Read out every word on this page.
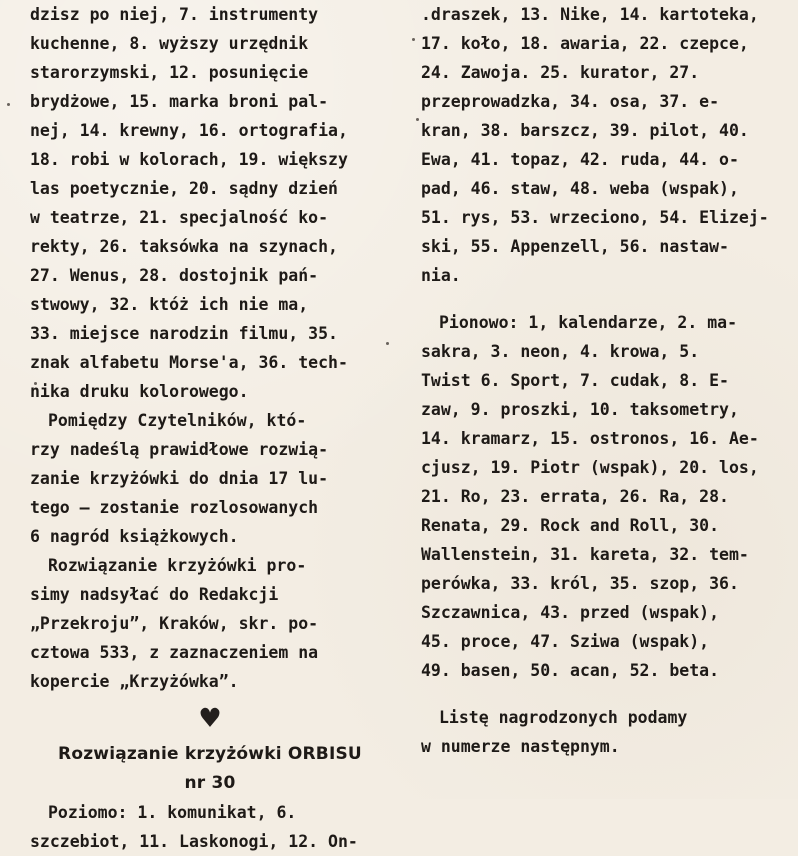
dzisz po niej, 7. instrumenty
kuchenne, 8. wyższy urzędnik
starorzymski, 12. posunięcie
brydżowe, 15. marka broni pal-
nej, 14. krewny, 16. ortografia,
18. robi w kolorach, 19. większy
las poetycznie, 20. sądny dzień
w teatrze, 21. specjalność ko-
rekty, 26. taksówka na szynach,
27. Wenus, 28. dostojnik pań-
stwowy, 32. któż ich nie ma,
33. miejsce narodzin filmu, 35.
znak alfabetu Morse'a, 36. tech-
nika druku kolorowego.
Pomiędzy Czytelników, któ-
rzy nadeślą prawidłowe rozwią-
zanie krzyżówki do dnia 17 lu-
tego — zostanie rozlosowanych
6 nagród książkowych.
Rozwiązanie krzyżówki pro-
simy nadsyłać do Redakcji
„Przekroju”, Kraków, skr. po-
cztowa 533, z zaznaczeniem na
kopercie „Krzyżówka”.
♥
Rozwiązanie krzyżówki ORBISU
nr 30
Poziomo: 1. komunikat, 6.
szczebiot, 11. Laskonogi, 12. On-
.draszek, 13. Nike, 14. kartoteka,
17. koło, 18. awaria, 22. czepce,
24. Zawoja. 25. kurator, 27.
przeprowadzka, 34. osa, 37. e-
kran, 38. barszcz, 39. pilot, 40.
Ewa, 41. topaz, 42. ruda, 44. o-
pad, 46. staw, 48. weba (wspak),
51. rys, 53. wrzeciono, 54. Elizej-
ski, 55. Appenzell, 56. nastaw-
nia.
Pionowo: 1, kalendarze, 2. ma-
sakra, 3. neon, 4. krowa, 5.
Twist 6. Sport, 7. cudak, 8. E-
zaw, 9. proszki, 10. taksometry,
14. kramarz, 15. ostronos, 16. Ae-
cjusz, 19. Piotr (wspak), 20. los,
21. Ro, 23. errata, 26. Ra, 28.
Renata, 29. Rock and Roll, 30.
Wallenstein, 31. kareta, 32. tem-
perówka, 33. król, 35. szop, 36.
Szczawnica, 43. przed (wspak),
45. proce, 47. Sziwa (wspak),
49. basen, 50. acan, 52. beta.
Listę nagrodzonych podamy
w numerze następnym.
